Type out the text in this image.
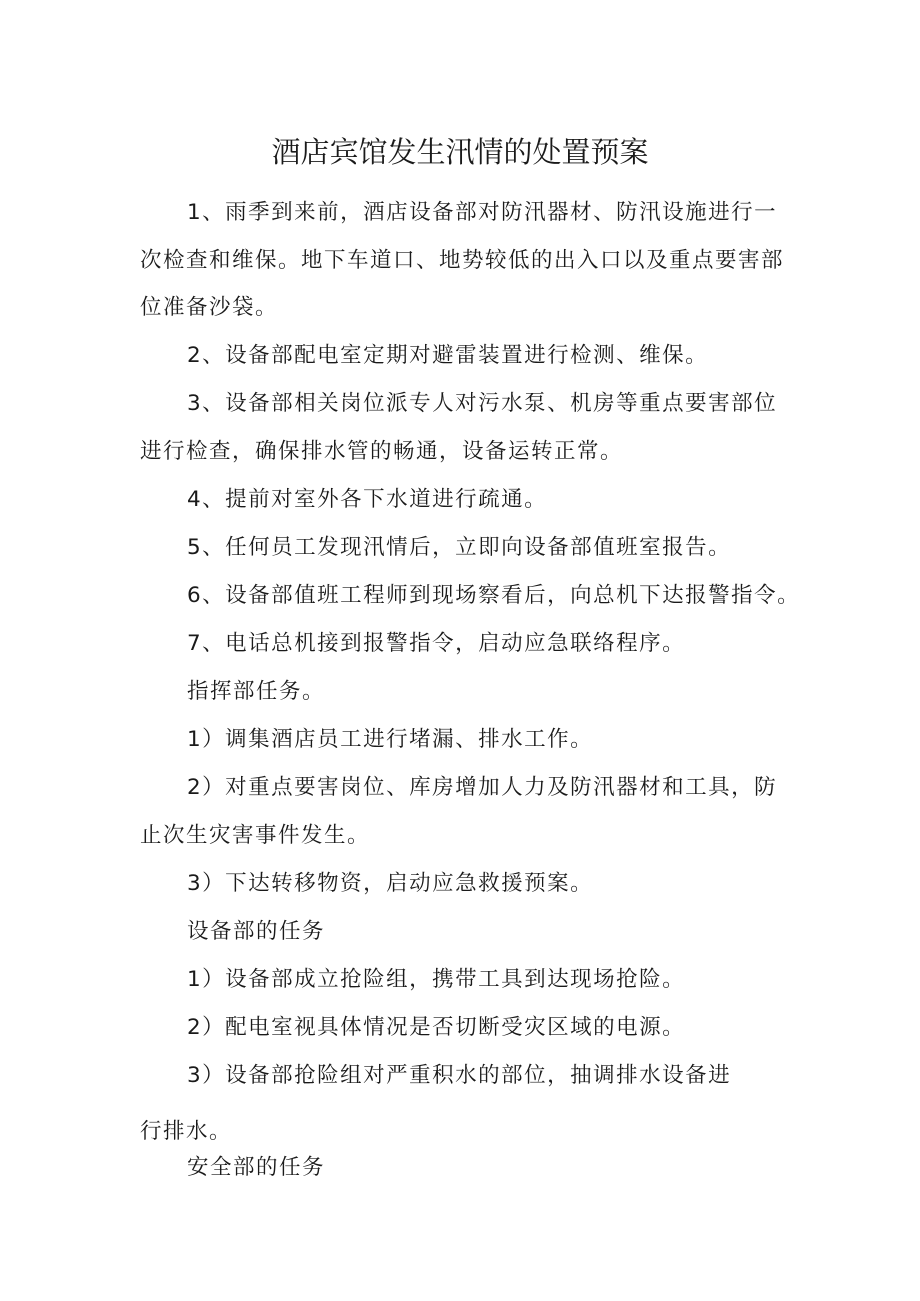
酒店宾馆发生汛情的处置预案
1、雨季到来前，酒店设备部对防汛器材、防汛设施进行一
次检查和维保。地下车道口、地势较低的出入口以及重点要害部
位准备沙袋。
2、设备部配电室定期对避雷装置进行检测、维保。
3、设备部相关岗位派专人对污水泵、机房等重点要害部位
进行检查，确保排水管的畅通，设备运转正常。
4、提前对室外各下水道进行疏通。
5、任何员工发现汛情后，立即向设备部值班室报告。
6、设备部值班工程师到现场察看后，向总机下达报警指令。
7、电话总机接到报警指令，启动应急联络程序。
指挥部任务。
1）调集酒店员工进行堵漏、排水工作。
2）对重点要害岗位、库房增加人力及防汛器材和工具，防
止次生灾害事件发生。
3）下达转移物资，启动应急救援预案。
设备部的任务
1）设备部成立抢险组，携带工具到达现场抢险。
2）配电室视具体情况是否切断受灾区域的电源。
3）设备部抢险组对严重积水的部位，抽调排水设备进
行排水。
安全部的任务
